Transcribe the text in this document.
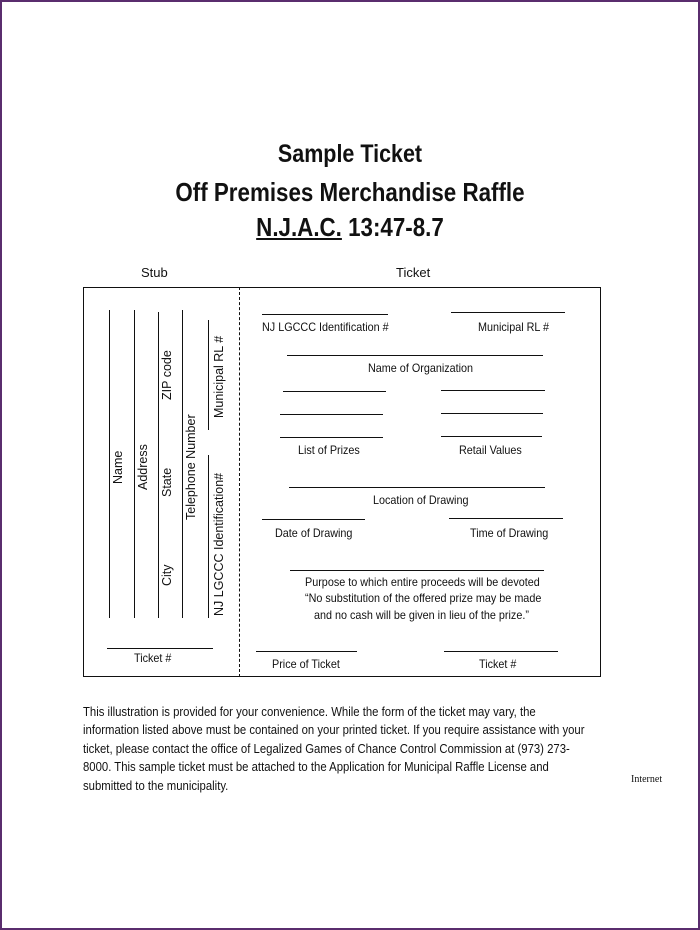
Sample Ticket
Off Premises Merchandise Raffle
N.J.A.C. 13:47-8.7
Stub	Ticket
Name Address
City
State
ZIP code
Telephone Number
Municipal RL #
NJ LGCCC Identification#
Ticket #
NJ LGCCC Identification #	Municipal RL #
Name of Organization
List of Prizes	Retail Values
Location of Drawing
Date of Drawing	Time of Drawing
Purpose to which entire proceeds will be devoted
“No substitution of the offered prize may be made
and no cash will be given in lieu of the prize.”
Price of Ticket	Ticket #
This illustration is provided for your convenience. While the form of the ticket may vary, the information listed above must be contained on your printed ticket. If you require assistance with your ticket, please contact the office of Legalized Games of Chance Control Commission at (973) 273-8000. This sample ticket must be attached to the Application for Municipal Raffle License and submitted to the municipality.	Internet
